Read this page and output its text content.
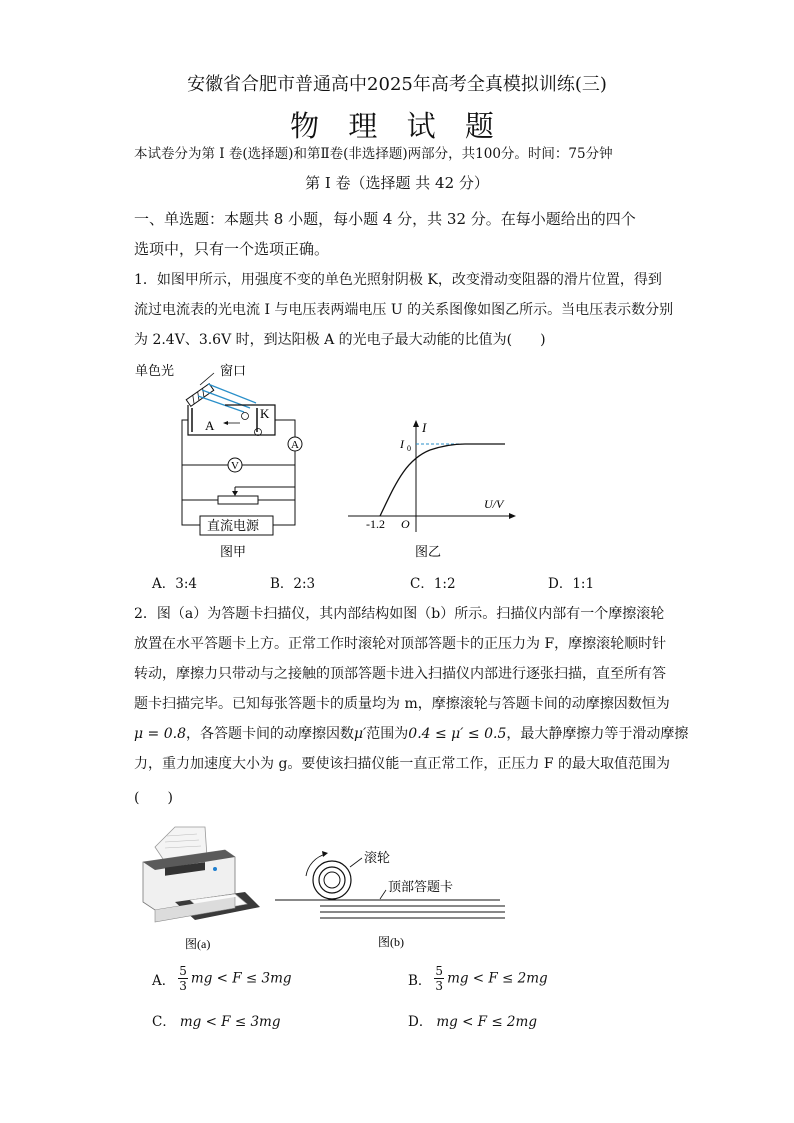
安徽省合肥市普通高中2025年高考全真模拟训练(三)
物 理 试 题
本试卷分为第 I 卷(选择题)和第Ⅱ卷(非选择题)两部分，共100分。时间：75分钟
第 I 卷（选择题 共 42 分）
一、单选题：本题共 8 小题，每小题 4 分，共 32 分。在每小题给出的四个
选项中，只有一个选项正确。
1．如图甲所示，用强度不变的单色光照射阴极 K，改变滑动变阻器的滑片位置，得到
流过电流表的光电流 I 与电压表两端电压 U 的关系图像如图乙所示。当电压表示数分别
为 2.4V、3.6V 时，到达阳极 A 的光电子最大动能的比值为(　　)
单色光	窗口
A
K
A
V
直流电源
图甲
I
I 0
U/V
O
-1.2
图乙
A．3:4	B．2:3	C．1:2	D．1:1
2．图（a）为答题卡扫描仪，其内部结构如图（b）所示。扫描仪内部有一个摩擦滚轮
放置在水平答题卡上方。正常工作时滚轮对顶部答题卡的正压力为 F，摩擦滚轮顺时针
转动，摩擦力只带动与之接触的顶部答题卡进入扫描仪内部进行逐张扫描，直至所有答
题卡扫描完毕。已知每张答题卡的质量均为 m，摩擦滚轮与答题卡间的动摩擦因数恒为
μ = 0.8，各答题卡间的动摩擦因数μ′范围为0.4 ≤ μ′ ≤ 0.5，最大静摩擦力等于滑动摩擦
力，重力加速度大小为 g。要使该扫描仪能一直正常工作，正压力 F 的最大取值范围为
(　　)
图(a)
滚轮
顶部答题卡
图(b)
A． $\frac{5}{3}$ mg < F ≤ 3mg	B． $\frac{5}{3}$ mg < F ≤ 2mg
C． mg < F ≤ 3mg	D． mg < F ≤ 2mg
